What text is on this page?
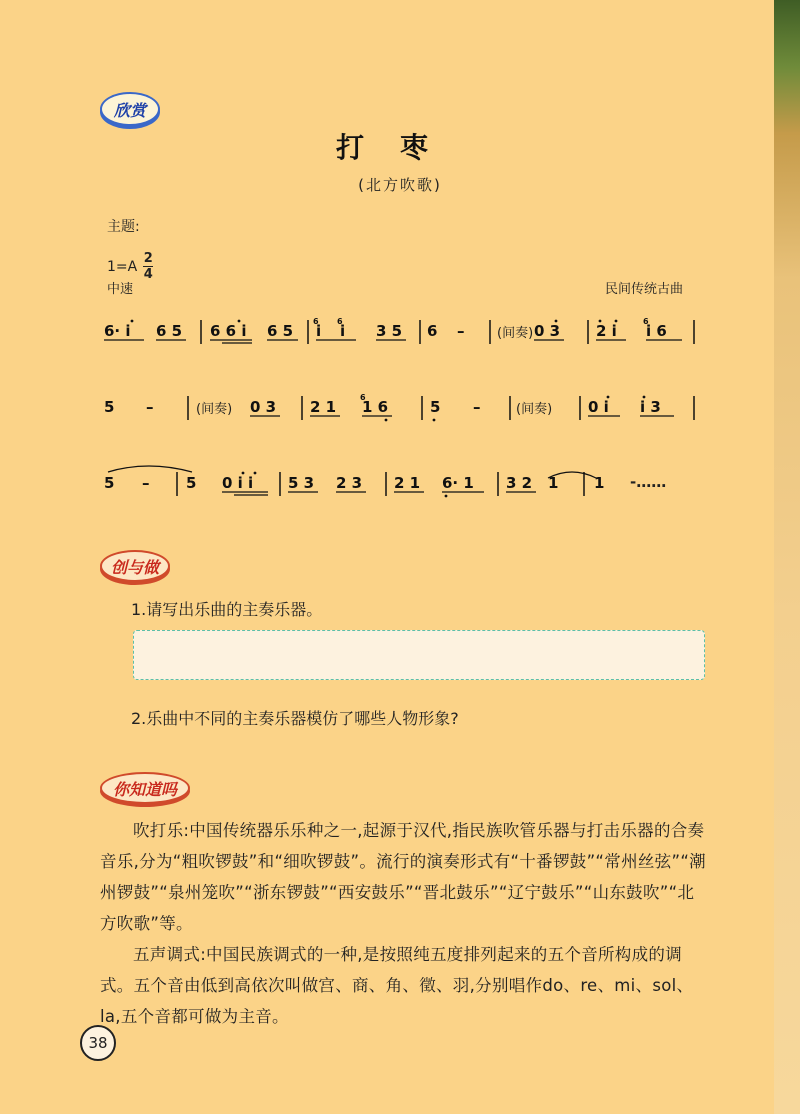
欣赏
打枣
(北方吹歌)
主题:
$1=A \frac{2}{4}$
中速	民间传统古曲
6· i 6 5 6 6 i 6 5 i i 3 5 6 –	0 3 2 i i 6
6 6	6
(间奏)
5 –	0 3 2 1 1 6	5 –	0 i i 3
6
(间奏)	(间奏)
5 – 5 0 i i 5 3 2 3 2 1 6· 1 3 2 1 1 -……
创与做
1.请写出乐曲的主奏乐器。
2.乐曲中不同的主奏乐器模仿了哪些人物形象?
你知道吗

吹打乐:中国传统器乐乐种之一,起源于汉代,指民族吹管乐器与打击乐器的合奏音乐,分为“粗吹锣鼓”和“细吹锣鼓”。流行的演奏形式有“十番锣鼓”“常州丝弦”“潮州锣鼓”“泉州笼吹”“浙东锣鼓”“西安鼓乐”“晋北鼓乐”“辽宁鼓乐”“山东鼓吹”“北方吹歌”等。

五声调式:中国民族调式的一种,是按照纯五度排列起来的五个音所构成的调式。五个音由低到高依次叫做宫、商、角、徵、羽,分别唱作do、re、mi、sol、la,五个音都可做为主音。

38
